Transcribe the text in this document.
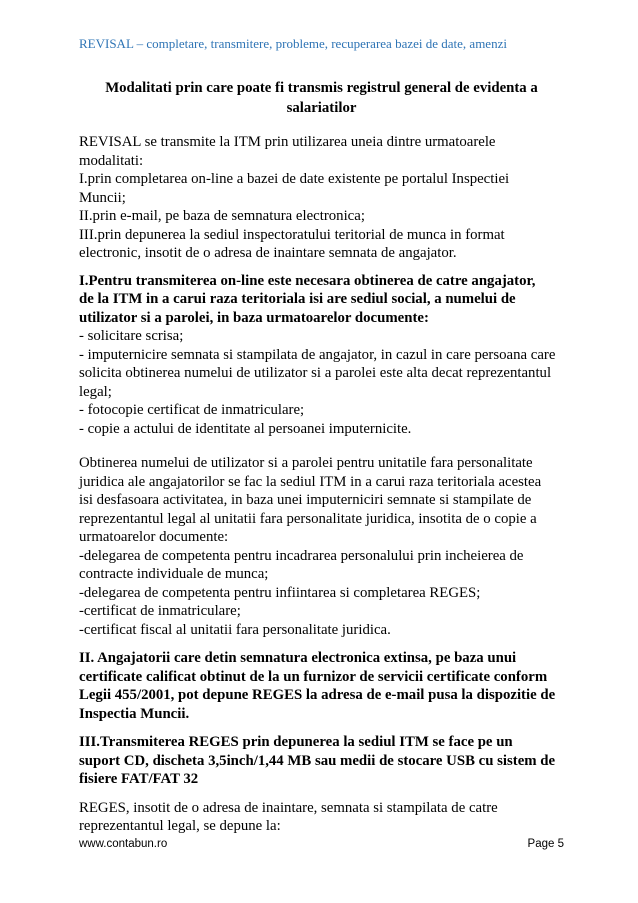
REVISAL – completare, transmitere, probleme, recuperarea bazei de date, amenzi
Modalitati prin care poate fi transmis registrul general de evidenta a
salariatilor

REVISAL se transmite la ITM prin utilizarea uneia dintre urmatoarele
modalitati:
I.prin completarea on-line a bazei de date existente pe portalul Inspectiei
Muncii;
II.prin e-mail, pe baza de semnatura electronica;
III.prin depunerea la sediul inspectoratului teritorial de munca in format
electronic, insotit de o adresa de inaintare semnata de angajator.

I.Pentru transmiterea on-line este necesara obtinerea de catre angajator,
de la ITM in a carui raza teritoriala isi are sediul social, a numelui de
utilizator si a parolei, in baza urmatoarelor documente:

- solicitare scrisa;
- imputernicire semnata si stampilata de angajator, in cazul in care persoana care
solicita obtinerea numelui de utilizator si a parolei este alta decat reprezentantul
legal;
- fotocopie certificat de inmatriculare;
- copie a actului de identitate al persoanei imputernicite.

Obtinerea numelui de utilizator si a parolei pentru unitatile fara personalitate
juridica ale angajatorilor se fac la sediul ITM in a carui raza teritoriala acestea
isi desfasoara activitatea, in baza unei imputerniciri semnate si stampilate de
reprezentantul legal al unitatii fara personalitate juridica, insotita de o copie a
urmatoarelor documente:
-delegarea de competenta pentru incadrarea personalului prin incheierea de
contracte individuale de munca;
-delegarea de competenta pentru infiintarea si completarea REGES;
-certificat de inmatriculare;
-certificat fiscal al unitatii fara personalitate juridica.

II. Angajatorii care detin semnatura electronica extinsa, pe baza unui
certificate calificat obtinut de la un furnizor de servicii certificate conform
Legii 455/2001, pot depune REGES la adresa de e-mail pusa la dispozitie de
Inspectia Muncii.

III.Transmiterea REGES prin depunerea la sediul ITM se face pe un
suport CD, discheta 3,5inch/1,44 MB sau medii de stocare USB cu sistem de
fisiere FAT/FAT 32

REGES, insotit de o adresa de inaintare, semnata si stampilata de catre
reprezentantul legal, se depune la:

www.contabun.ro	Page 5
